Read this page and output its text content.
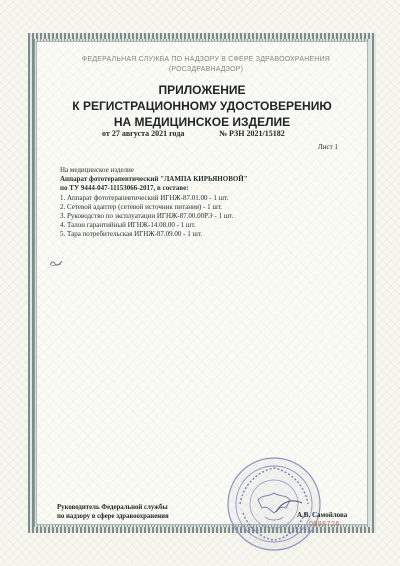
ФЕДЕРАЛЬНАЯ СЛУЖБА ПО НАДЗОРУ В СФЕРЕ ЗДРАВООХРАНЕНИЯ
(РОСЗДРАВНАДЗОР)
ПРИЛОЖЕНИЕ
К РЕГИСТРАЦИОННОМУ УДОСТОВЕРЕНИЮ
НА МЕДИЦИНСКОЕ ИЗДЕЛИЕ
от 27 августа 2021 года	№ РЗН 2021/15182
Лист 1
На медицинское изделие
Аппарат фототерапевтический "ЛАМПА КИРЬЯНОВОЙ"
по ТУ 9444-047-11153066-2017, в составе:
1. Аппарат фототерапевтический ИГНЖ-87.01.00 - 1 шт.
2. Сетевой адаптер (сетевой источник питания) - 1 шт.
3. Руководство по эксплуатации ИГНЖ-87.00.00РЭ - 1 шт.
4. Талон гарантийный ИГНЖ-14.08.00 - 1 шт.
5. Тара потребительская ИГНЖ-87.09.00 - 1 шт.
Руководитель Федеральной службы
по надзору в сфере здравоохранения	А.В. Самойлова
0088726
